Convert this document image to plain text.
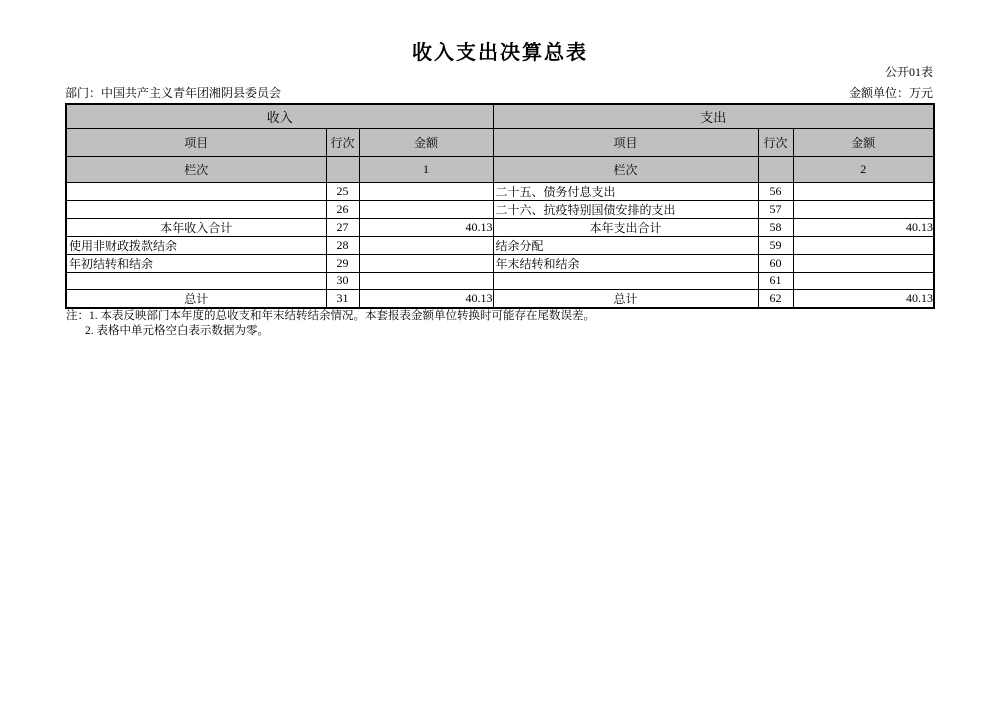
收入支出决算总表
公开01表
部门：中国共产主义青年团湘阴县委员会	金额单位：万元
收入			支出		
项目	行次	金额	项目	行次	金额
栏次		1	栏次		2
	25		二十五、债务付息支出	56	
	26		二十六、抗疫特别国债安排的支出	57	
本年收入合计	27	40.13	本年支出合计	58	40.13
使用非财政拨款结余	28		结余分配	59	
年初结转和结余	29		年末结转和结余	60	
	30			61	
总计	31	40.13	总计	62	40.13
注：1. 本表反映部门本年度的总收支和年末结转结余情况。本套报表金额单位转换时可能存在尾数误差。
2. 表格中单元格空白表示数据为零。
